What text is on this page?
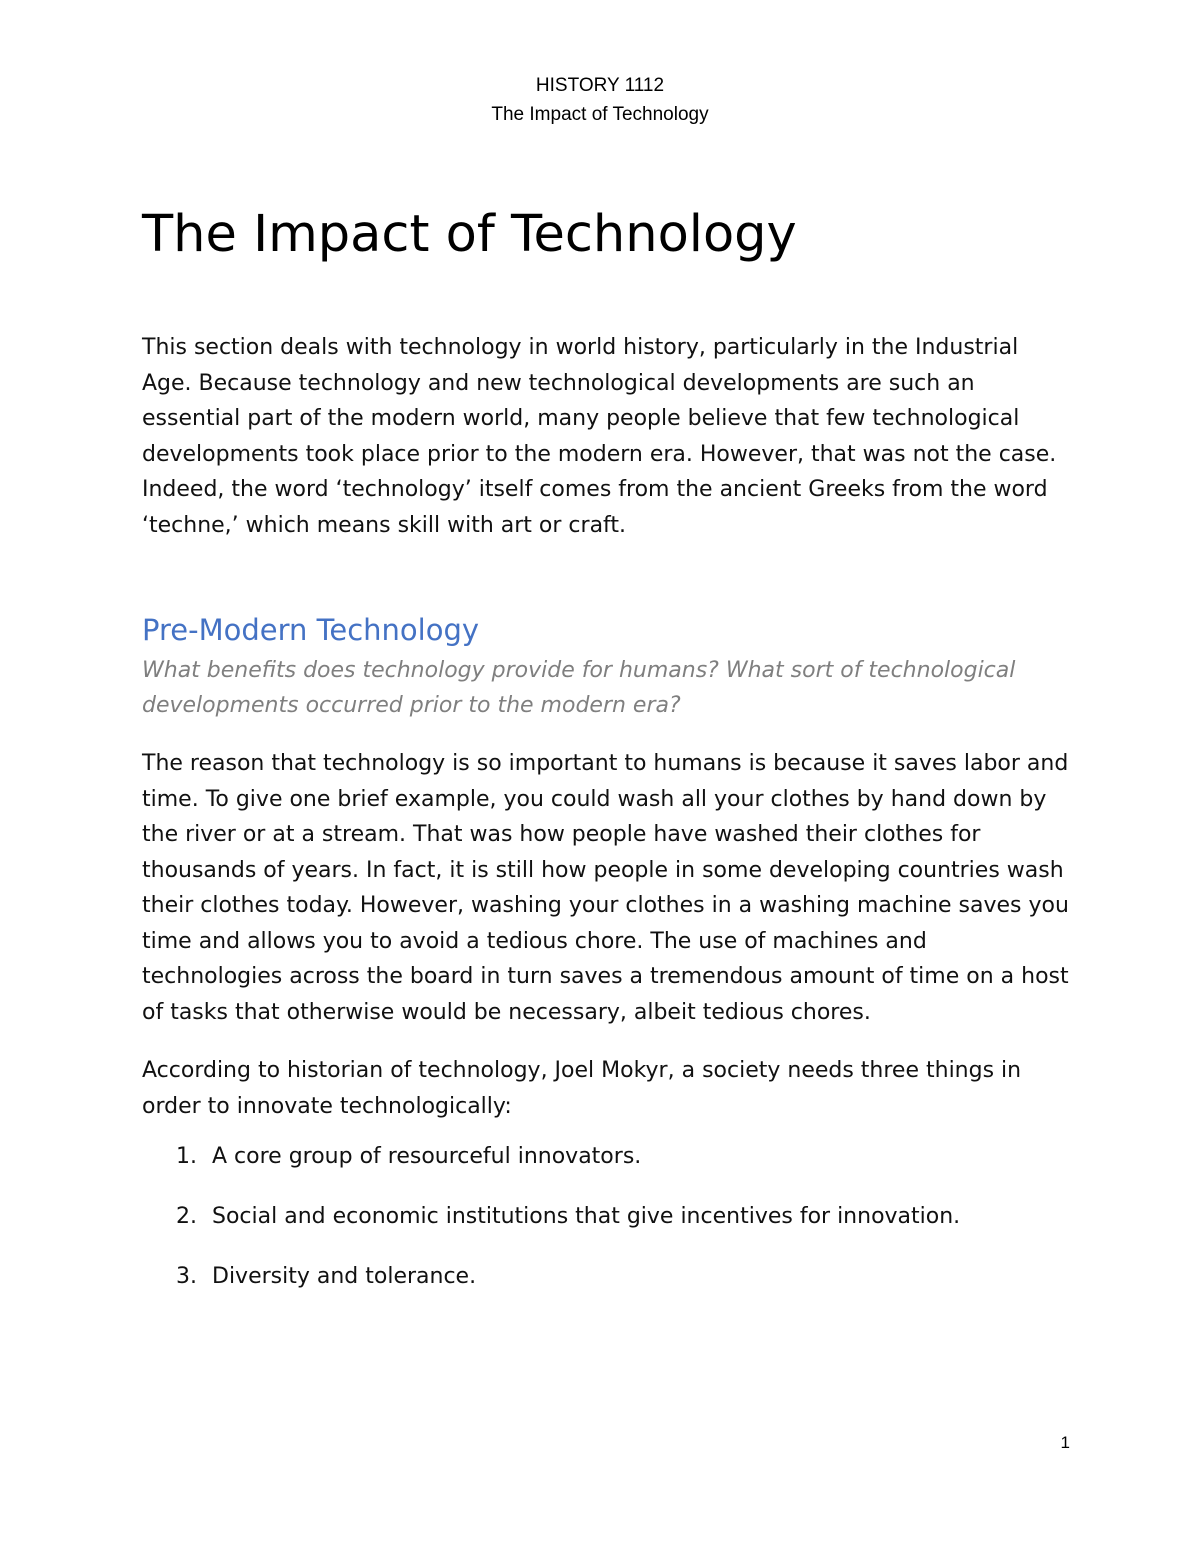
HISTORY 1112
The Impact of Technology
The Impact of Technology

This section deals with technology in world history, particularly in the Industrial Age. Because technology and new technological developments are such an essential part of the modern world, many people believe that few technological developments took place prior to the modern era. However, that was not the case. Indeed, the word ‘technology’ itself comes from the ancient Greeks from the word ‘techne,’ which means skill with art or craft.

Pre-Modern Technology

What benefits does technology provide for humans? What sort of technological developments occurred prior to the modern era?

The reason that technology is so important to humans is because it saves labor and time. To give one brief example, you could wash all your clothes by hand down by the river or at a stream. That was how people have washed their clothes for thousands of years. In fact, it is still how people in some developing countries wash their clothes today. However, washing your clothes in a washing machine saves you time and allows you to avoid a tedious chore. The use of machines and technologies across the board in turn saves a tremendous amount of time on a host of tasks that otherwise would be necessary, albeit tedious chores.

According to historian of technology, Joel Mokyr, a society needs three things in order to innovate technologically:

1. A core group of resourceful innovators.
2. Social and economic institutions that give incentives for innovation.
3. Diversity and tolerance.
1
